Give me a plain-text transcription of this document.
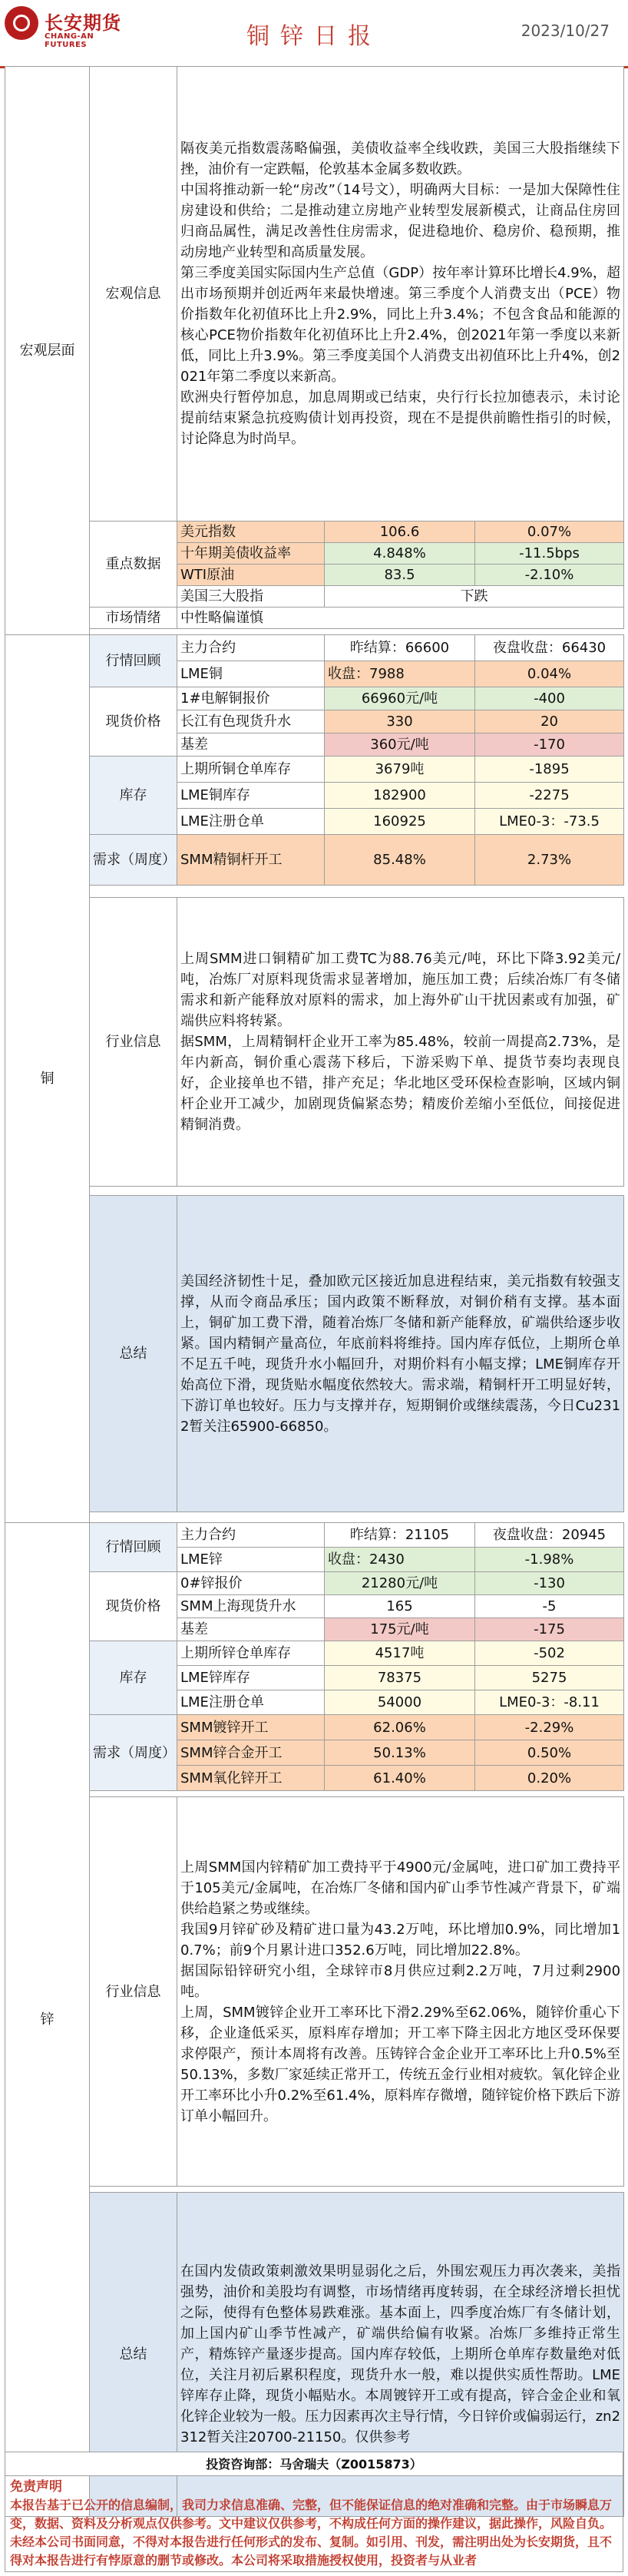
长安期货
CHANG-AN FUTURES	铜锌日报	2023/10/27
宏观层面	宏观信息	隔夜美元指数震荡略偏强，美债收益率全线收跌，美国三大股指继续下挫，油价有一定跌幅，伦敦基本金属多数收跌。
中国将推动新一轮“房改”（14号文），明确两大目标：一是加大保障性住房建设和供给；二是推动建立房地产业转型发展新模式，让商品住房回归商品属性，满足改善性住房需求，促进稳地价、稳房价、稳预期，推动房地产业转型和高质量发展。
第三季度美国实际国内生产总值（GDP）按年率计算环比增长4.9%，超出市场预期并创近两年来最快增速。第三季度个人消费支出（PCE）物价指数年化初值环比上升2.9%，同比上升3.4%；不包含食品和能源的核心PCE物价指数年化初值环比上升2.4%，创2021年第一季度以来新低，同比上升3.9%。第三季度美国个人消费支出初值环比上升4%，创2021年第二季度以来新高。
欧洲央行暂停加息，加息周期或已结束，央行行长拉加德表示，未讨论提前结束紧急抗疫购债计划再投资，现在不是提供前瞻性指引的时候，讨论降息为时尚早。		
	重点数据	美元指数	106.6	0.07%
		十年期美债收益率	4.848%	-11.5bps
		WTI原油	83.5	-2.10%
		美国三大股指	下跌	
	市场情绪	中性略偏谨慎		

铜	行情回顾	主力合约	昨结算：66600	夜盘收盘：66430
		LME铜	收盘：7988	0.04%
	现货价格	1#电解铜报价	66960元/吨	-400
		长江有色现货升水	330	20
		基差	360元/吨	-170
	库存	上期所铜仓单库存	3679吨	-1895
		LME铜库存	182900	-2275
		LME注册仓单	160925	LME0-3：-73.5
	需求（周度）	SMM精铜杆开工	85.48%	2.73%

	行业信息	上周SMM进口铜精矿加工费TC为88.76美元/吨，环比下降3.92美元/吨，冶炼厂对原料现货需求显著增加，施压加工费；后续冶炼厂有冬储需求和新产能释放对原料的需求，加上海外矿山干扰因素或有加强，矿端供应料将转紧。
据SMM，上周精铜杆企业开工率为85.48%，较前一周提高2.73%，是年内新高，铜价重心震荡下移后，下游采购下单、提货节奏均表现良好，企业接单也不错，排产充足；华北地区受环保检查影响，区域内铜杆企业开工减少，加剧现货偏紧态势；精废价差缩小至低位，间接促进精铜消费。		

	总结	美国经济韧性十足，叠加欧元区接近加息进程结束，美元指数有较强支撑，从而令商品承压；国内政策不断释放，对铜价稍有支撑。基本面上，铜矿加工费下滑，随着冶炼厂冬储和新产能释放，矿端供给逐步收紧。国内精铜产量高位，年底前料将维持。国内库存低位，上期所仓单不足五千吨，现货升水小幅回升，对期价料有小幅支撑；LME铜库存开始高位下滑，现货贴水幅度依然较大。需求端，精铜杆开工明显好转，下游订单也较好。压力与支撑并存，短期铜价或继续震荡，今日Cu2312暂关注65900-66850。		

锌	行情回顾	主力合约	昨结算：21105	夜盘收盘：20945
		LME锌	收盘：2430	-1.98%
	现货价格	0#锌报价	21280元/吨	-130
		SMM上海现货升水	165	-5
		基差	175元/吨	-175
	库存	上期所锌仓单库存	4517吨	-502
		LME锌库存	78375	5275
		LME注册仓单	54000	LME0-3：-8.11
	需求（周度）	SMM镀锌开工	62.06%	-2.29%
		SMM锌合金开工	50.13%	0.50%
		SMM氧化锌开工	61.40%	0.20%

	行业信息	上周SMM国内锌精矿加工费持平于4900元/金属吨，进口矿加工费持平于105美元/金属吨，在冶炼厂冬储和国内矿山季节性减产背景下，矿端供给趋紧之势或继续。
我国9月锌矿砂及精矿进口量为43.2万吨，环比增加0.9%，同比增加10.7%；前9个月累计进口352.6万吨，同比增加22.8%。
据国际铅锌研究小组，全球锌市8月供应过剩2.2万吨，7月过剩2900吨。
上周，SMM镀锌企业开工率环比下滑2.29%至62.06%，随锌价重心下移，企业逢低采买，原料库存增加；开工率下降主因北方地区受环保要求停限产，预计本周将有改善。压铸锌合金企业开工率环比上升0.5%至50.13%，多数厂家延续正常开工，传统五金行业相对疲软。氧化锌企业开工率环比小升0.2%至61.4%，原料库存微增，随锌锭价格下跌后下游订单小幅回升。		

	总结	在国内发债政策刺激效果明显弱化之后，外围宏观压力再次袭来，美指强势，油价和美股均有调整，市场情绪再度转弱，在全球经济增长担忧之际，使得有色整体易跌难涨。基本面上，四季度冶炼厂有冬储计划，加上国内矿山季节性减产，矿端供给偏有收紧。冶炼厂多维持正常生产，精炼锌产量逐步提高。国内库存较低，上期所仓单库存数量绝对低位，关注月初后累积程度，现货升水一般，难以提供实质性帮助。LME锌库存止降，现货小幅贴水。本周镀锌开工或有提高，锌合金企业和氧化锌企业较为一般。压力因素再次主导行情，今日锌价或偏弱运行，zn2312暂关注20700-21150。仅供参考		
投资咨询部：马舍瑞夫（Z0015873）
免责声明
本报告基于已公开的信息编制，我司力求信息准确、完整，但不能保证信息的绝对准确和完整。由于市场瞬息万变，数据、资料及分析观点仅供参考。文中建议仅供参考，不构成任何方面的操作建议，据此操作，风险自负。未经本公司书面同意，不得对本报告进行任何形式的发布、复制。如引用、刊发，需注明出处为长安期货，且不得对本报告进行有悖原意的删节或修改。本公司将采取措施授权使用，投资者与从业者
